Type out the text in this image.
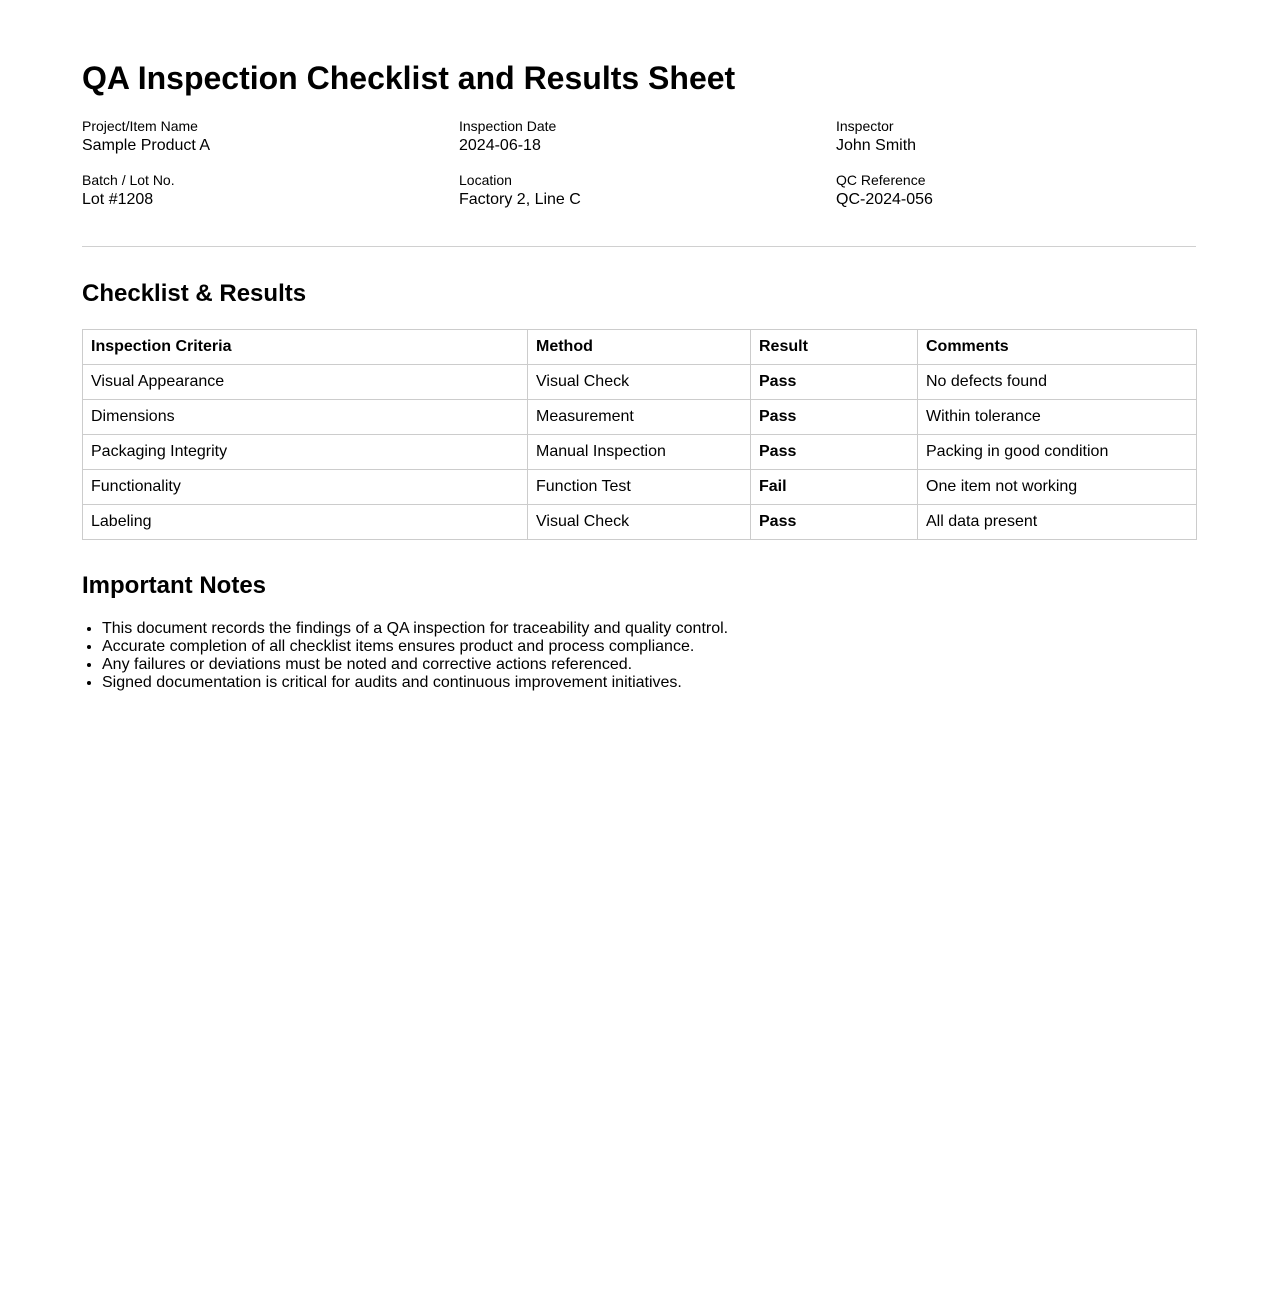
QA Inspection Checklist and Results Sheet
Project/Item Name
Sample Product A
Inspection Date
2024-06-18
Inspector
John Smith
Batch / Lot No.
Lot #1208
Location
Factory 2, Line C
QC Reference
QC-2024-056
Checklist & Results
Inspection Criteria	Method	Result	Comments
Visual Appearance	Visual Check	Pass	No defects found
Dimensions	Measurement	Pass	Within tolerance
Packaging Integrity	Manual Inspection	Pass	Packing in good condition
Functionality	Function Test	Fail	One item not working
Labeling	Visual Check	Pass	All data present
Important Notes
• This document records the findings of a QA inspection for traceability and quality control.
• Accurate completion of all checklist items ensures product and process compliance.
• Any failures or deviations must be noted and corrective actions referenced.
• Signed documentation is critical for audits and continuous improvement initiatives.
